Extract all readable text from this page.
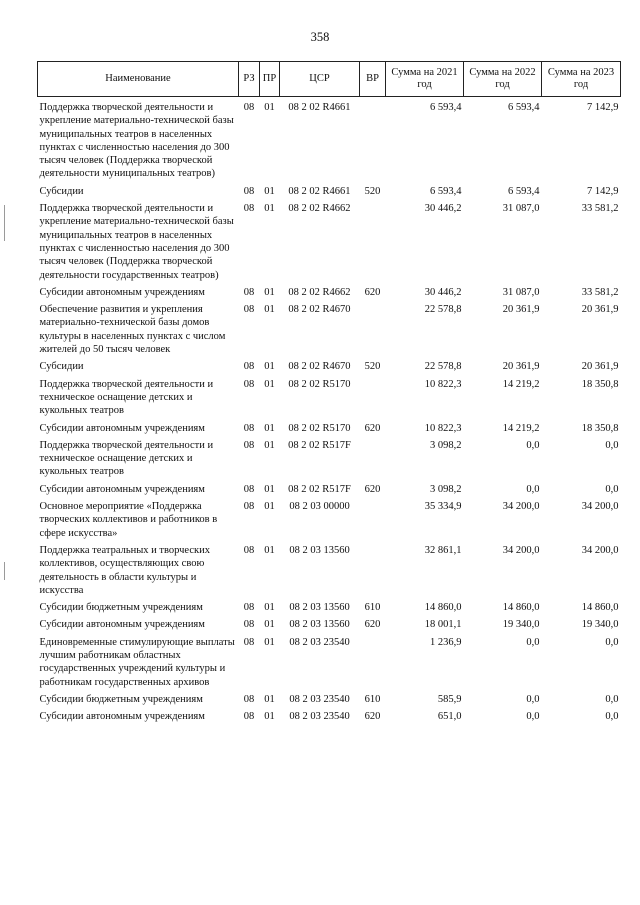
358
Наименование	РЗ	ПР	ЦСР	ВР	Сумма на 2021 год	Сумма на 2022 год	Сумма на 2023 год
Поддержка творческой деятельности и укрепление материально-технической базы муниципальных театров в населенных пунктах с численностью населения до 300 тысяч человек (Поддержка творческой деятельности муниципальных театров)	08	01	08 2 02 R4661		6 593,4	6 593,4	7 142,9
Субсидии	08	01	08 2 02 R4661	520	6 593,4	6 593,4	7 142,9
Поддержка творческой деятельности и укрепление материально-технической базы муниципальных театров в населенных пунктах с численностью населения до 300 тысяч человек (Поддержка творческой деятельности государственных театров)	08	01	08 2 02 R4662		30 446,2	31 087,0	33 581,2
Субсидии автономным учреждениям	08	01	08 2 02 R4662	620	30 446,2	31 087,0	33 581,2
Обеспечение развития и укрепления материально-технической базы домов культуры в населенных пунктах с числом жителей до 50 тысяч человек	08	01	08 2 02 R4670		22 578,8	20 361,9	20 361,9
Субсидии	08	01	08 2 02 R4670	520	22 578,8	20 361,9	20 361,9
Поддержка творческой деятельности и техническое оснащение детских и кукольных театров	08	01	08 2 02 R5170		10 822,3	14 219,2	18 350,8
Субсидии автономным учреждениям	08	01	08 2 02 R5170	620	10 822,3	14 219,2	18 350,8
Поддержка творческой деятельности и техническое оснащение детских и кукольных театров	08	01	08 2 02 R517F		3 098,2	0,0	0,0
Субсидии автономным учреждениям	08	01	08 2 02 R517F	620	3 098,2	0,0	0,0
Основное мероприятие «Поддержка творческих коллективов и работников в сфере искусства»	08	01	08 2 03 00000		35 334,9	34 200,0	34 200,0
Поддержка театральных и творческих коллективов, осуществляющих свою деятельность в области культуры и искусства	08	01	08 2 03 13560		32 861,1	34 200,0	34 200,0
Субсидии бюджетным учреждениям	08	01	08 2 03 13560	610	14 860,0	14 860,0	14 860,0
Субсидии автономным учреждениям	08	01	08 2 03 13560	620	18 001,1	19 340,0	19 340,0
Единовременные стимулирующие выплаты лучшим работникам областных государственных учреждений культуры и работникам государственных архивов	08	01	08 2 03 23540		1 236,9	0,0	0,0
Субсидии бюджетным учреждениям	08	01	08 2 03 23540	610	585,9	0,0	0,0
Субсидии автономным учреждениям	08	01	08 2 03 23540	620	651,0	0,0	0,0
